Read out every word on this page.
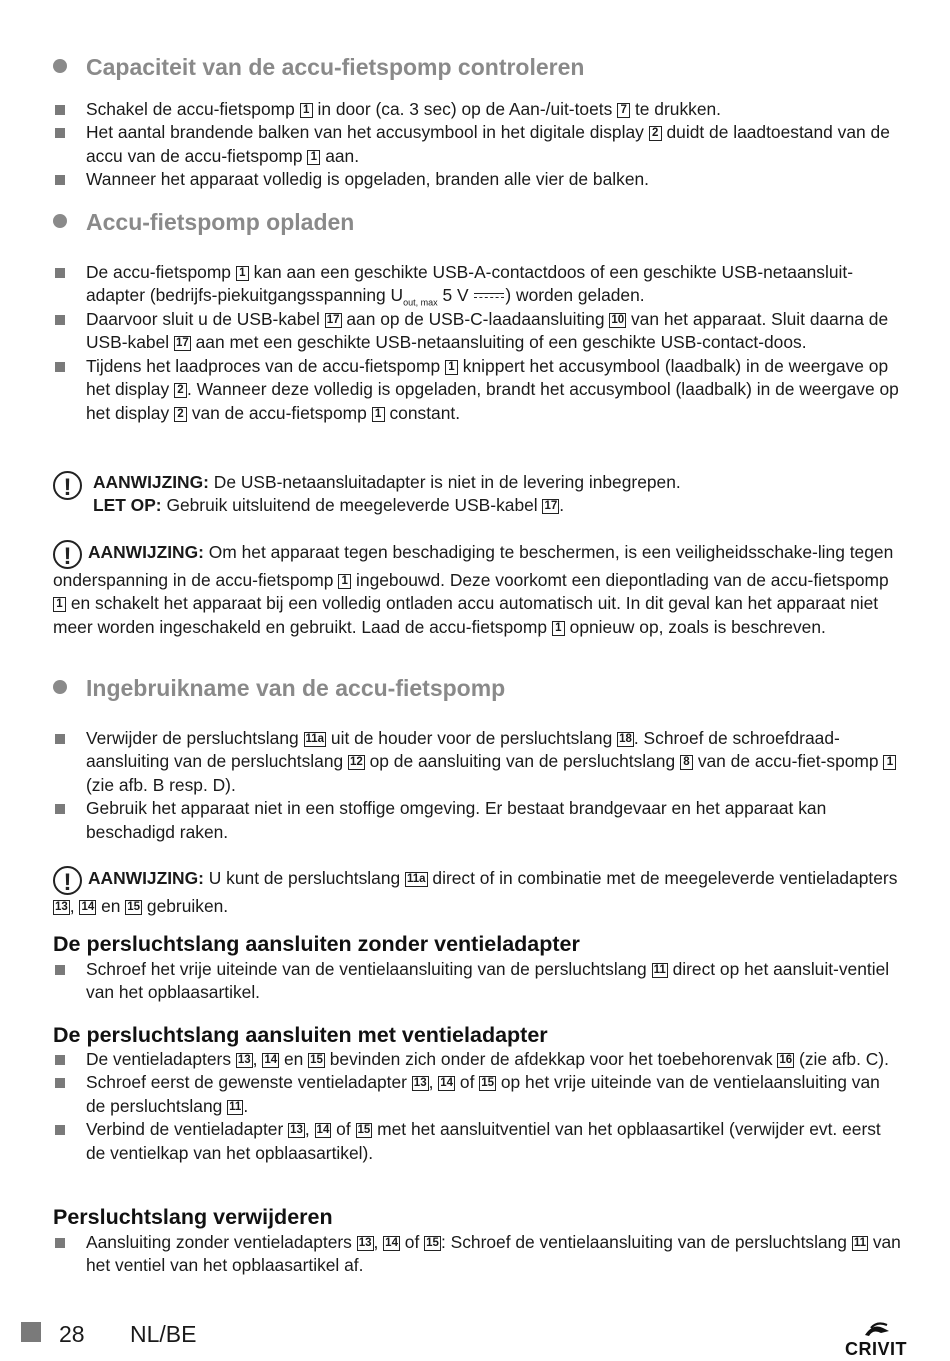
Capaciteit van de accu-fietspomp controleren
Schakel de accu-fietspomp 1 in door (ca. 3 sec) op de Aan-/uit-toets 7 te drukken.
Het aantal brandende balken van het accusymbool in het digitale display 2 duidt de laadtoestand van de accu van de accu-fietspomp 1 aan.
Wanneer het apparaat volledig is opgeladen, branden alle vier de balken.
Accu-fietspomp opladen
De accu-fietspomp 1 kan aan een geschikte USB-A-contactdoos of een geschikte USB-netaansluit-adapter (bedrijfs-piekuitgangsspanning $U_{out, max}$ 5 V ) worden geladen.
Daarvoor sluit u de USB-kabel 17 aan op de USB-C-laadaansluiting 10 van het apparaat. Sluit daarna de USB-kabel 17 aan met een geschikte USB-netaansluiting of een geschikte USB-contact-doos.
Tijdens het laadproces van de accu-fietspomp 1 knippert het accusymbool (laadbalk) in de weergave op het display 2 . Wanneer deze volledig is opgeladen, brandt het accusymbool (laadbalk) in de weergave op het display 2 van de accu-fietspomp 1 constant.
!	AANWIJZING: De USB-netaansluitadapter is niet in de levering inbegrepen.
LET OP: Gebruik uitsluitend de meegeleverde USB-kabel 17 .

! AANWIJZING: Om het apparaat tegen beschadiging te beschermen, is een veiligheidsschake-ling tegen onderspanning in de accu-fietspomp 1 ingebouwd. Deze voorkomt een diepontlading van de accu-fietspomp 1 en schakelt het apparaat bij een volledig ontladen accu automatisch uit. In dit geval kan het apparaat niet meer worden ingeschakeld en gebruikt. Laad de accu-fietspomp 1 opnieuw op, zoals is beschreven.

Ingebruikname van de accu-fietspomp
Verwijder de persluchtslang 11a uit de houder voor de persluchtslang 18 . Schroef de schroefdraad-aansluiting van de persluchtslang 12 op de aansluiting van de persluchtslang 8 van de accu-fiet-spomp 1 (zie afb. B resp. D).
Gebruik het apparaat niet in een stoffige omgeving. Er bestaat brandgevaar en het apparaat kan beschadigd raken.

! AANWIJZING: U kunt de persluchtslang 11a direct of in combinatie met de meegeleverde ventieladapters 13 , 14 en 15 gebruiken.

De persluchtslang aansluiten zonder ventieladapter
Schroef het vrije uiteinde van de ventielaansluiting van de persluchtslang 11 direct op het aansluit-ventiel van het opblaasartikel.
De persluchtslang aansluiten met ventieladapter
De ventieladapters 13 , 14 en 15 bevinden zich onder de afdekkap voor het toebehorenvak 16 (zie afb. C).
Schroef eerst de gewenste ventieladapter 13 , 14 of 15 op het vrije uiteinde van de ventielaansluiting van de persluchtslang 11 .
Verbind de ventieladapter 13 , 14 of 15 met het aansluitventiel van het opblaasartikel (verwijder evt. eerst de ventielkap van het opblaasartikel).
Persluchtslang verwijderen
Aansluiting zonder ventieladapters 13 , 14 of 15 : Schroef de ventielaansluiting van de persluchtslang 11 van het ventiel van het opblaasartikel af.
28 NL/BE
CRIVIT
